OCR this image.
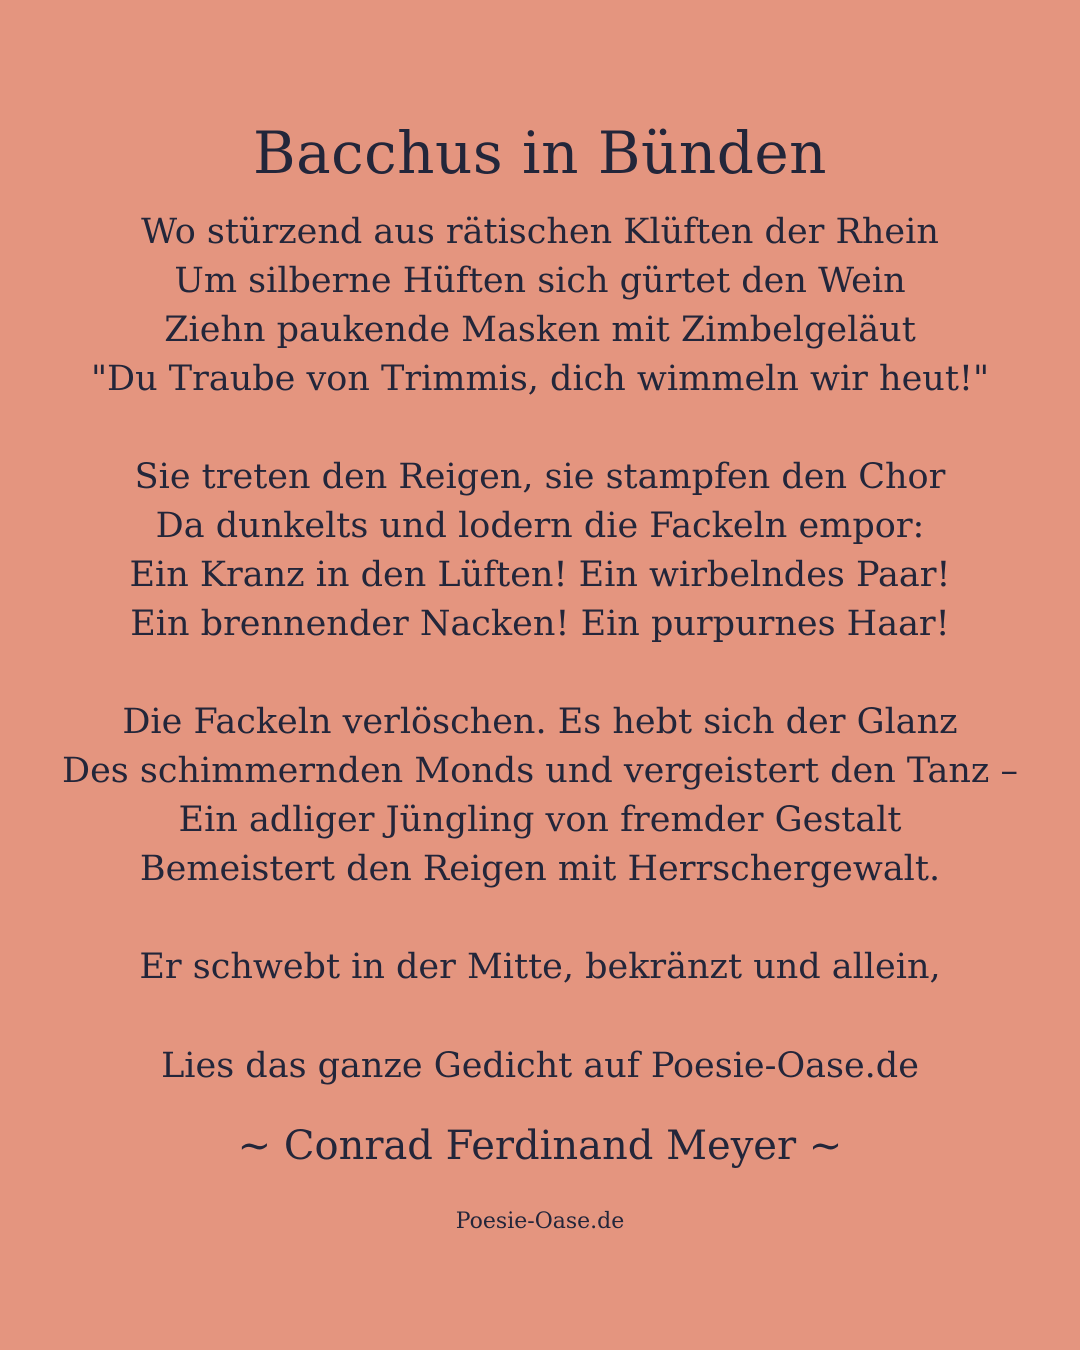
Bacchus in Bünden
Wo stürzend aus rätischen Klüften der Rhein
Um silberne Hüften sich gürtet den Wein
Ziehn paukende Masken mit Zimbelgeläut
"Du Traube von Trimmis, dich wimmeln wir heut!"
Sie treten den Reigen, sie stampfen den Chor
Da dunkelts und lodern die Fackeln empor:
Ein Kranz in den Lüften! Ein wirbelndes Paar!
Ein brennender Nacken! Ein purpurnes Haar!
Die Fackeln verlöschen. Es hebt sich der Glanz
Des schimmernden Monds und vergeistert den Tanz –
Ein adliger Jüngling von fremder Gestalt
Bemeistert den Reigen mit Herrschergewalt.
Er schwebt in der Mitte, bekränzt und allein,
Lies das ganze Gedicht auf Poesie-Oase.de
~ Conrad Ferdinand Meyer ~
Poesie-Oase.de
